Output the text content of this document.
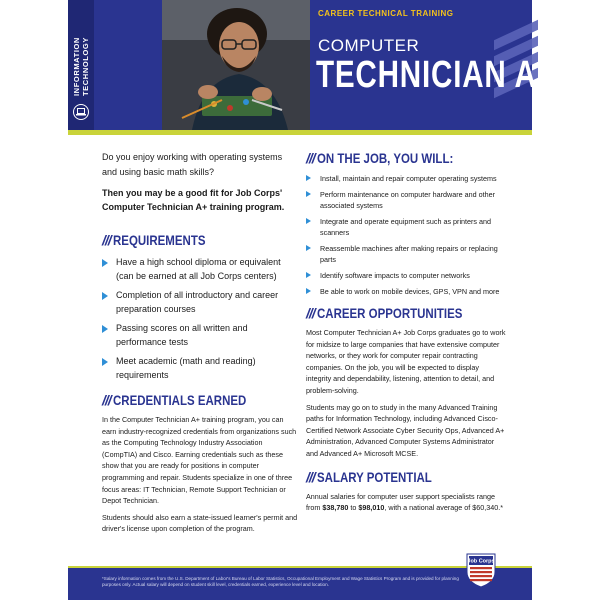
CAREER TECHNICAL TRAINING
COMPUTER
TECHNICIAN A+
INFORMATION TECHNOLOGY

Do you enjoy working with operating systems and using basic math skills?

Then you may be a good fit for Job Corps' Computer Technician A+ training program.

/// REQUIREMENTS
Have a high school diploma or equivalent (can be earned at all Job Corps centers)
Completion of all introductory and career preparation courses
Passing scores on all written and performance tests
Meet academic (math and reading) requirements
/// CREDENTIALS EARNED

In the Computer Technician A+ training program, you can earn industry-recognized credentials from organizations such as the Computing Technology Industry Association (CompTIA) and Cisco. Earning credentials such as these show that you are ready for positions in computer programming and repair. Students specialize in one of three focus areas: IT Technician, Remote Support Technician or Depot Technician.

Students should also earn a state-issued learner's permit and driver's license upon completion of the program.

/// ON THE JOB, YOU WILL:
Install, maintain and repair computer operating systems
Perform maintenance on computer hardware and other associated systems
Integrate and operate equipment such as printers and scanners
Reassemble machines after making repairs or replacing parts
Identify software impacts to computer networks
Be able to work on mobile devices, GPS, VPN and more
/// CAREER OPPORTUNITIES

Most Computer Technician A+ Job Corps graduates go to work for midsize to large companies that have extensive computer networks, or they work for computer repair contracting companies. On the job, you will be expected to display integrity and dependability, listening, attention to detail, and problem-solving.

Students may go on to study in the many Advanced Training paths for Information Technology, including Advanced Cisco-Certified Network Associate Cyber Security Ops, Advanced A+ Administration, Advanced Computer Systems Administrator and Advanced A+ Microsoft MCSE.

/// SALARY POTENTIAL

Annual salaries for computer user support specialists range from $38,780 to $98,010, with a national average of $60,340.*

*Salary information comes from the U.S. Department of Labor's Bureau of Labor Statistics, Occupational Employment and Wage Statistics Program and is provided for planning purposes only. Actual salary will depend on student skill level, credentials earned, experience level and location.
Job Corps
